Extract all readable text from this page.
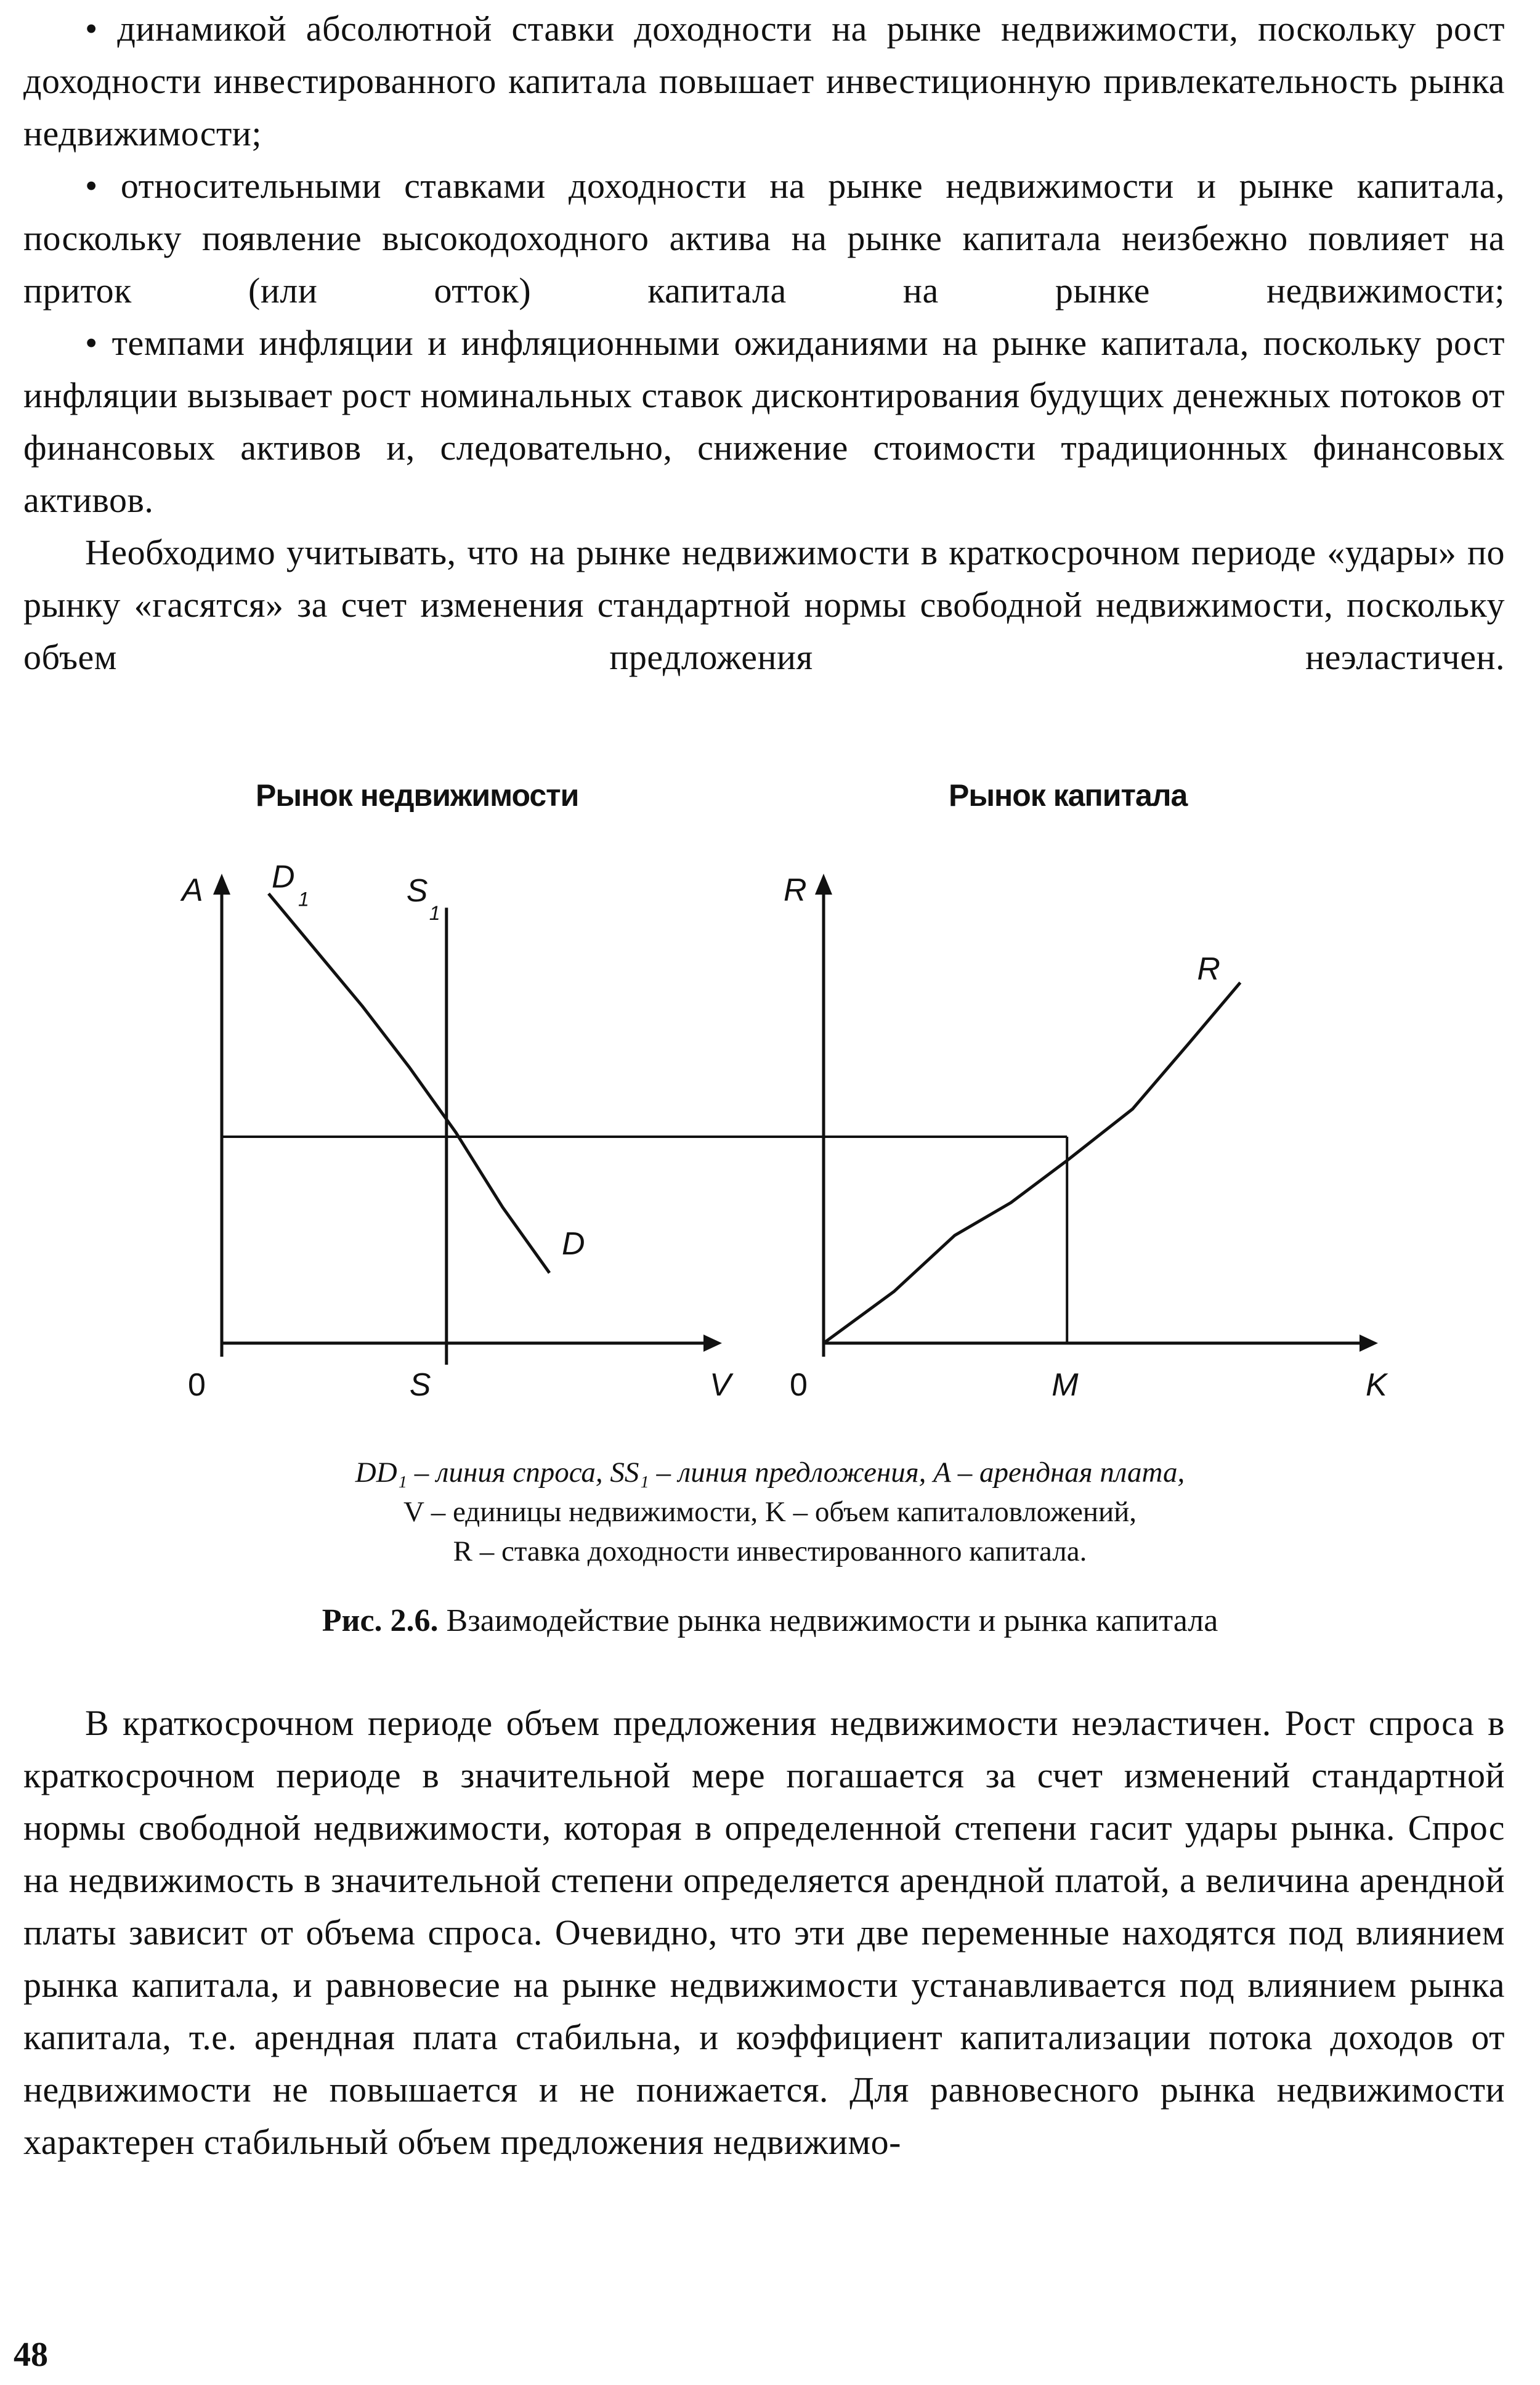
• динамикой абсолютной ставки доходности на рынке недвижимости, поскольку рост доходности инвестированного капитала повышает инвестиционную привлекательность рынка недвижимости;

• относительными ставками доходности на рынке недвижимости и рынке капитала, поскольку появление высокодоходного актива на рынке капитала неизбежно повлияет на приток (или отток) капитала на рынке недвижимости;

• темпами инфляции и инфляционными ожиданиями на рынке капитала, поскольку рост инфляции вызывает рост номинальных ставок дисконтирования будущих денежных потоков от финансовых активов и, следовательно, снижение стоимости традиционных финансовых активов.

Необходимо учитывать, что на рынке недвижимости в краткосрочном периоде «удары» по рынку «гасятся» за счет изменения стандартной нормы свободной недвижимости, поскольку объем предложения неэластичен.

Рынок недвижимости	Рынок капитала
A
V
0
D
1
D
S
1
S
R
K
0
R
M
DD₁ – линия спроса, SS₁ – линия предложения, A – арендная плата,
V – единицы недвижимости, K – объем капиталовложений,
R – ставка доходности инвестированного капитала.
Рис. 2.6. Взаимодействие рынка недвижимости и рынка капитала

В краткосрочном периоде объем предложения недвижимости неэластичен. Рост спроса в краткосрочном периоде в значительной мере погашается за счет изменений стандартной нормы свободной недвижимости, которая в определенной степени гасит удары рынка. Спрос на недвижимость в значительной степени определяется арендной платой, а величина арендной платы зависит от объема спроса. Очевидно, что эти две переменные находятся под влиянием рынка капитала, и равновесие на рынке недвижимости устанавливается под влиянием рынка капитала, т.е. арендная плата стабильна, и коэффициент капитализации потока доходов от недвижимости не повышается и не понижается. Для равновесного рынка недвижимости характерен стабильный объем предложения недвижимо-

48
